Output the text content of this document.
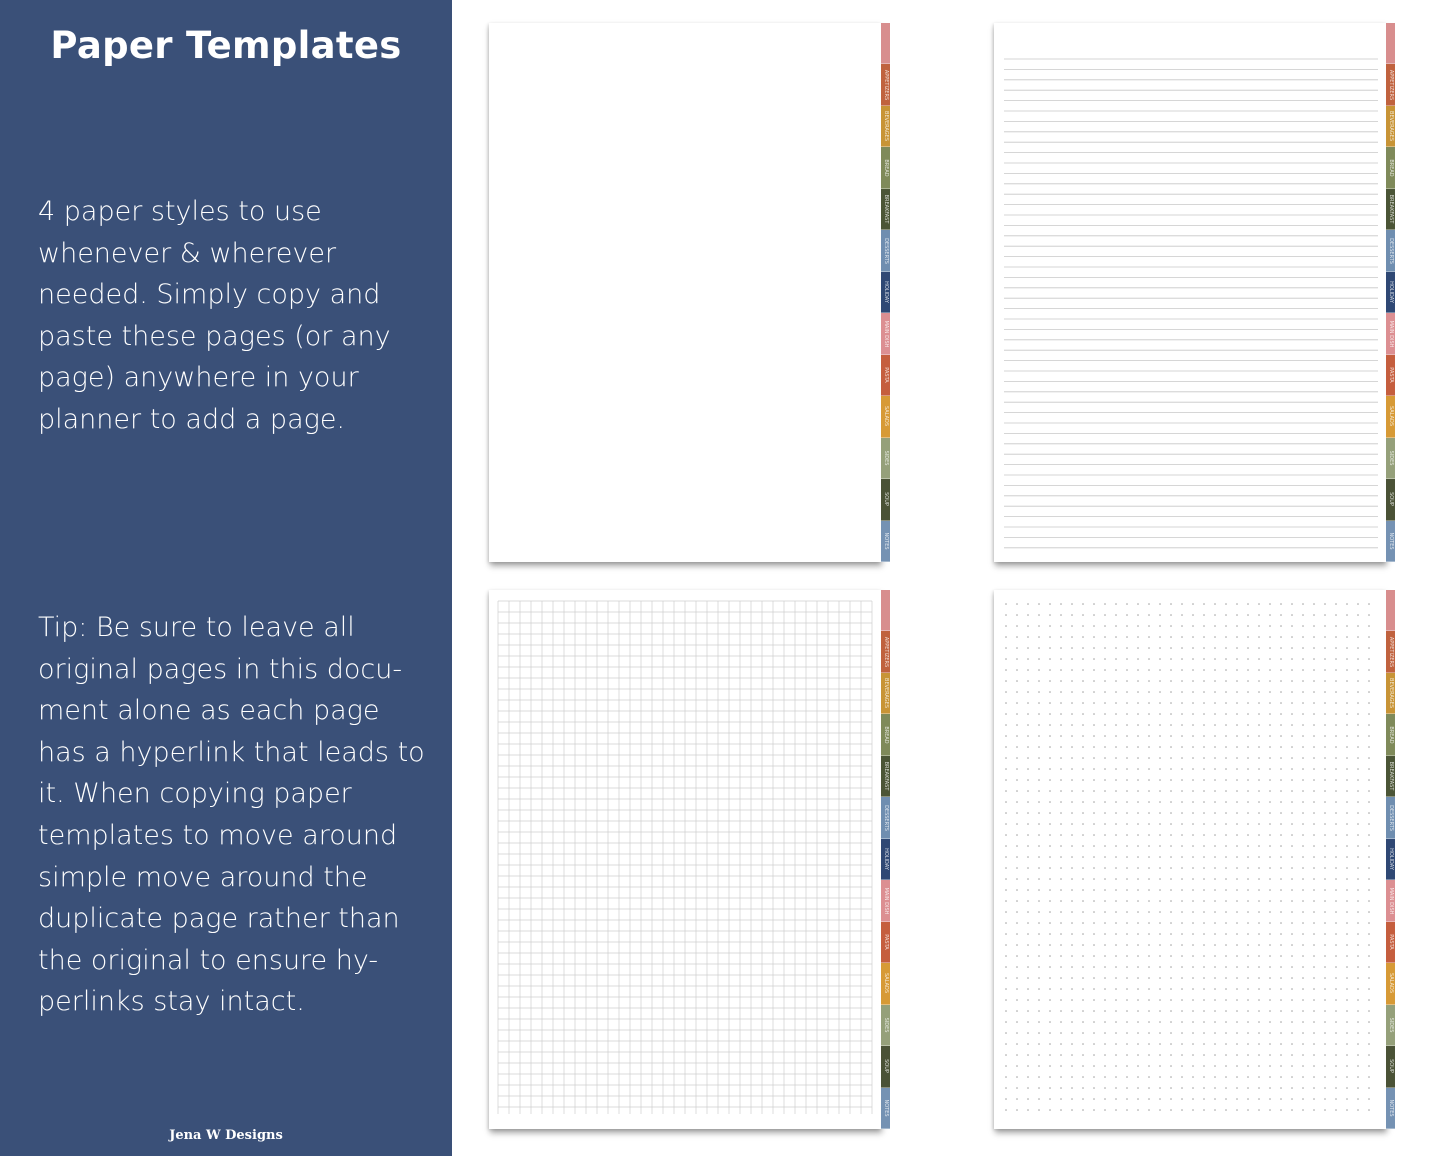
Paper Templates

4 paper styles to use whenever & wherever needed. Simply copy and paste these pages (or any page) anywhere in your planner to add a page.

Tip: Be sure to leave all original pages in this docu-ment alone as each page has a hyperlink that leads to it. When copying paper templates to move around simple move around the duplicate page rather than the original to ensure hy-perlinks stay intact.

Jena W Designs
APPETIZERS
BEVERAGES
BREAD
BREAKFAST
DESSERTS
HOLIDAY
MAIN DISH
PASTA
SALADS
SIDES
SOUP
NOTES
APPETIZERS
BEVERAGES
BREAD
BREAKFAST
DESSERTS
HOLIDAY
MAIN DISH
PASTA
SALADS
SIDES
SOUP
NOTES
APPETIZERS
BEVERAGES
BREAD
BREAKFAST
DESSERTS
HOLIDAY
MAIN DISH
PASTA
SALADS
SIDES
SOUP
NOTES
APPETIZERS
BEVERAGES
BREAD
BREAKFAST
DESSERTS
HOLIDAY
MAIN DISH
PASTA
SALADS
SIDES
SOUP
NOTES
